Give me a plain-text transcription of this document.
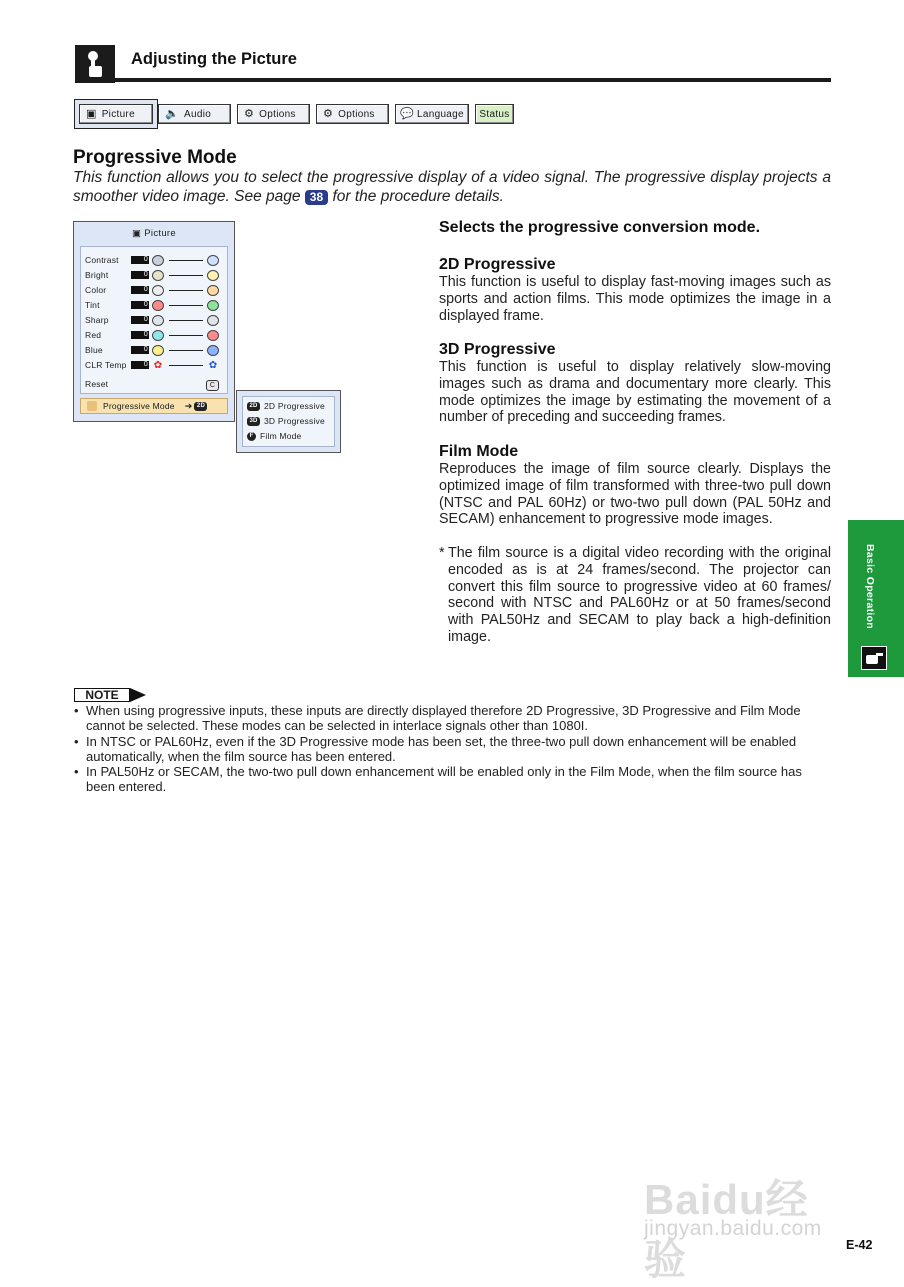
Adjusting the Picture
▣ Picture	🔈 Audio	⚙ Options ⚙ Options 💬 Language Status
Progressive Mode
This function allows you to select the progressive display of a video signal. The progressive display projects a smoother video image. See page 38 for the procedure details.
▣ Picture
Contrast	0
Bright	0
Color	0
Tint	0
Sharp	0
Red	0
Blue	0
CLR Temp	0 ✿	✿
Reset	C
Progressive Mode ➔ 2D	2D 2D Progressive
3D 3D Progressive
F Film Mode
Selects the progressive conversion mode.
2D Progressive

This function is useful to display fast-moving images such as sports and action films. This mode optimizes the image in a displayed frame.

3D Progressive

This function is useful to display relatively slow-moving images such as drama and documentary more clearly. This mode optimizes the image by estimating the movement of a number of preceding and succeeding frames.

Film Mode

Reproduces the image of film source clearly. Displays the optimized image of film transformed with three-two pull down (NTSC and PAL 60Hz) or two-two pull down (PAL 50Hz and SECAM) enhancement to progressive mode images.

* The film source is a digital video recording with the original encoded as is at 24 frames/second. The projector can convert this film source to progressive video at 60 frames/ second with NTSC and PAL60Hz or at 50 frames/second with PAL50Hz and SECAM to play back a high-definition image.

Basic Operation
NOTE
• When using progressive inputs, these inputs are directly displayed therefore 2D Progressive, 3D Progressive and Film Mode cannot be selected. These modes can be selected in interlace signals other than 1080I.
• In NTSC or PAL60Hz, even if the 3D Progressive mode has been set, the three-two pull down enhancement will be enabled automatically, when the film source has been entered.
• In PAL50Hz or SECAM, the two-two pull down enhancement will be enabled only in the Film Mode, when the film source has been entered.
Baidu经验
jingyan.baidu.com
E-42
